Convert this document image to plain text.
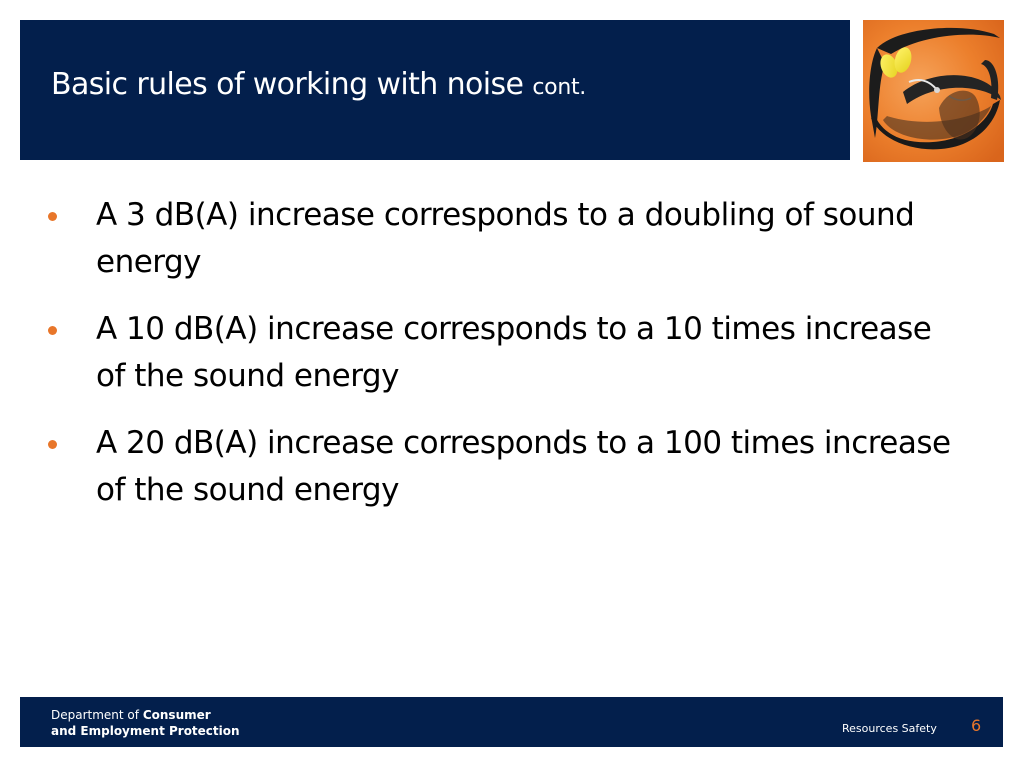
Basic rules of working with noise cont.
A 3 dB(A) increase corresponds to a doubling of sound energy
A 10 dB(A) increase corresponds to a 10 times increase of the sound energy
A 20 dB(A) increase corresponds to a 100 times increase of the sound energy
Department of Consumer
and Employment Protection	Resources Safety 6
